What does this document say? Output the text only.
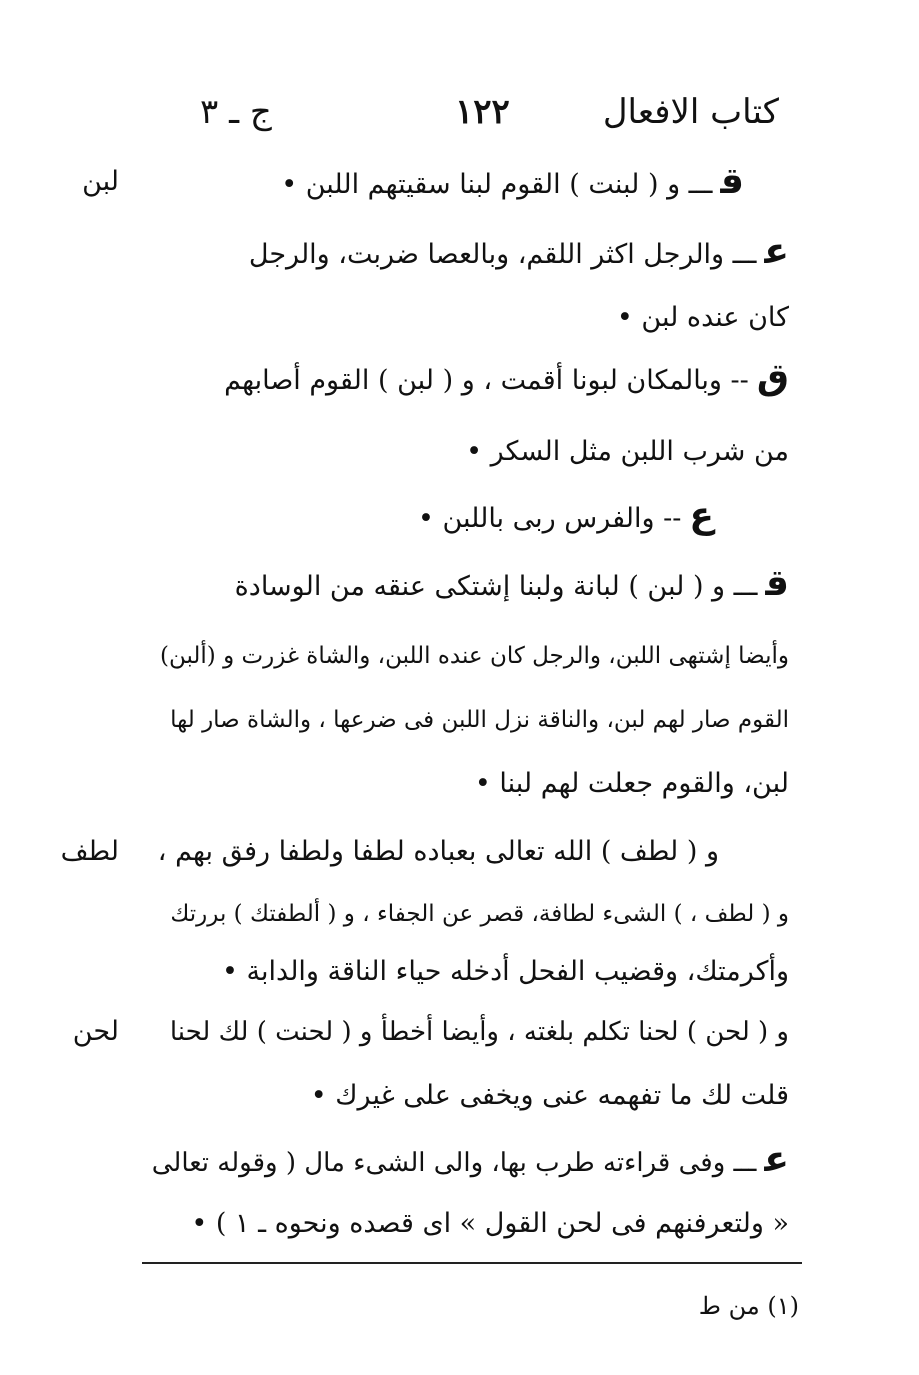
كتاب الافعال
١٢٢
ج ـ ٣
لبن
لطف
لحن
قـــ و ( لبنت ) القوم لبنا سقيتهم اللبن •
عـــ والرجل اكثر اللقم، وبالعصا ضربت، والرجل
كان عنده لبن •
ق-- وبالمكان لبونا أقمت ، و ( لبن ) القوم أصابهم
من شرب اللبن مثل السكر •
ع-- والفرس ربى باللبن •
قـــ و ( لبن ) لبانة ولبنا إشتكى عنقه من الوسادة
وأيضا إشتهى اللبن، والرجل كان عنده اللبن، والشاة غزرت و (ألبن)
القوم صار لهم لبن، والناقة نزل اللبن فى ضرعها ، والشاة صار لها
لبن، والقوم جعلت لهم لبنا •
و ( لطف ) الله تعالى بعباده لطفا ولطفا رفق بهم ،
و ( لطف ، ) الشىء لطافة، قصر عن الجفاء ، و ( ألطفتك ) بررتك
وأكرمتك، وقضيب الفحل أدخله حياء الناقة والدابة •
و ( لحن ) لحنا تكلم بلغته ، وأيضا أخطأ و ( لحنت ) لك لحنا
قلت لك ما تفهمه عنى ويخفى على غيرك •
عـــ وفى قراءته طرب بها، والى الشىء مال ( وقوله تعالى
« ولتعرفنهم فى لحن القول » اى قصده ونحوه ـ ١ ) •
(١) من ط
